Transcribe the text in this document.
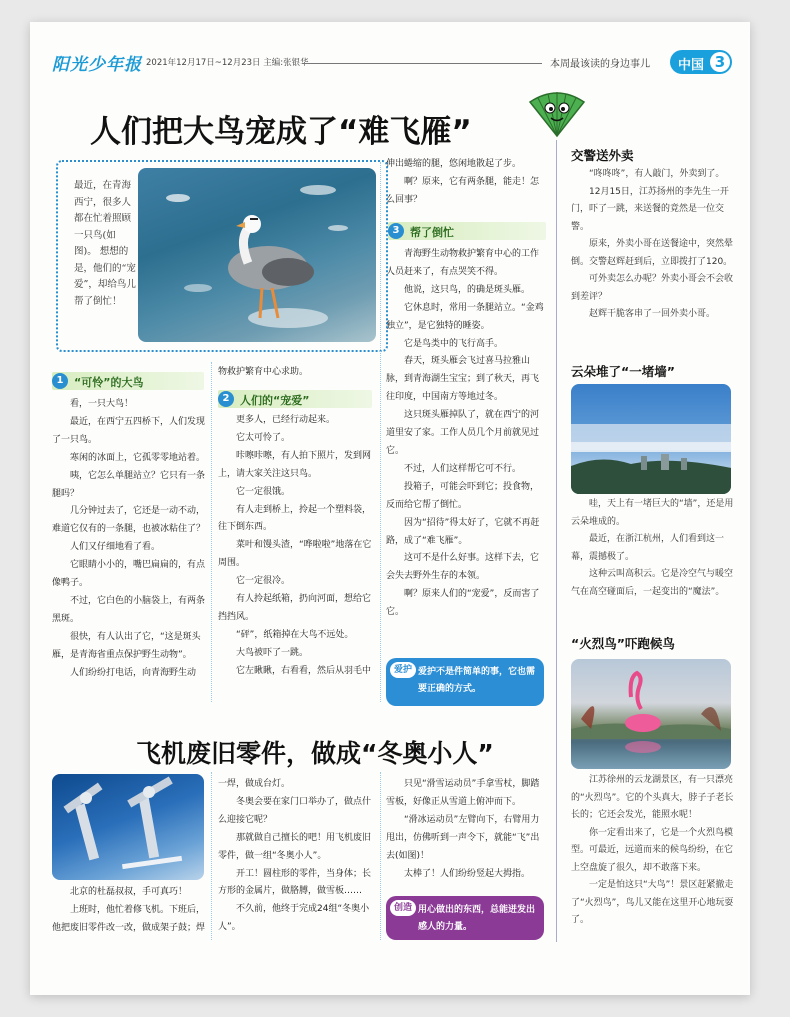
阳光少年报 2021年12月17日~12月23日 主编:张银华	本周最该读的身边事儿 中国 3
人们把大鸟宠成了“难飞雁”
最近，在青海西宁，很多人都在忙着照顾一只鸟(如图)。 想想的是，他们的“宠爱”，却给鸟儿帮了倒忙！
1 “可怜”的大鸟

看，一只大鸟！

最近，在西宁五四桥下，人们发现了一只鸟。

寒闲的冰面上，它孤零零地站着。

咦，它怎么单腿站立？它只有一条腿吗？

几分钟过去了，它还是一动不动，难道它仅有的一条腿，也被冰粘住了？

人们又仔细地看了看。

它眼睛小小的，嘴巴扁扁的，有点像鸭子。

不过，它白色的小脑袋上，有两条黑斑。

很快，有人认出了它，“这是斑头雁，是青海省重点保护野生动物”。

人们纷纷打电话，向青海野生动

物救护繁育中心求助。

2 人们的“宠爱”

更多人，已经行动起来。

它太可怜了。

咔嚓咔嚓，有人拍下照片，发到网上，请大家关注这只鸟。

它一定很饿。

有人走到桥上，拎起一个塑料袋，往下倒东西。

菜叶和馒头渣，“哗啦啦”地落在它周围。

它一定很冷。

有人拎起纸箱，扔向河面，想给它挡挡风。

“砰”，纸箱掉在大鸟不远处。

大鸟被吓了一跳。

它左瞅瞅，右看看，然后从羽毛中

伸出蜷缩的腿，悠闲地散起了步。

啊？原来，它有两条腿，能走！怎么回事？

3 帮了倒忙

青海野生动物救护繁育中心的工作人员赶来了，有点哭笑不得。

他说，这只鸟，的确是斑头雁。

它休息时，常用一条腿站立。“金鸡独立”，是它独特的睡姿。

它是鸟类中的飞行高手。

春天，斑头雁会飞过喜马拉雅山脉，到青海湖生宝宝；到了秋天，再飞往印度，中国南方等地过冬。

这只斑头雁掉队了，就在西宁的河道里安了家。工作人员几个月前就见过它。

不过，人们这样帮它可不行。

投箱子，可能会吓到它；投食物，反而给它帮了倒忙。

因为“招待”得太好了，它就不再赶路，成了“难飞雁”。

这可不是什么好事。这样下去，它会失去野外生存的本领。

啊？原来人们的“宠爱”，反而害了它。

爱护 爱护不是件简单的事，它也需要正确的方式。
飞机废旧零件，做成“冬奥小人”

北京的杜磊叔叔，手可真巧！

上班时，他忙着修飞机。下班后，他把废旧零件改一改，做成架子鼓；焊

一焊，做成台灯。

冬奥会要在家门口举办了，做点什么迎接它呢？

那就做自己擅长的吧！用飞机废旧零件，做一组“冬奥小人”。

开工！圆柱形的零件，当身体；长方形的金属片，做胳膊，做雪板……

不久前，他终于完成24组“冬奥小人”。

只见“滑雪运动员”手拿雪杖，脚踏雪板，好像正从雪道上俯冲而下。

“滑冰运动员”左臂向下，右臂用力甩出，仿佛听到一声令下，就能“飞”出去(如图)！

太棒了！人们纷纷竖起大拇指。

创造 用心做出的东西，总能迸发出感人的力量。
交警送外卖

“咚咚咚”，有人敲门，外卖到了。

12月15日，江苏扬州的李先生一开门，吓了一跳，来送餐的竟然是一位交警。

原来，外卖小哥在送餐途中，突然晕倒。交警赵辉赶到后，立即拨打了120。

可外卖怎么办呢？外卖小哥会不会收到差评？

赵辉干脆客串了一回外卖小哥。

云朵堆了“一堵墙”

哇，天上有一堵巨大的“墙”，还是用云朵堆成的。

最近，在浙江杭州，人们看到这一幕，震撼极了。

这种云叫高积云。它是冷空气与暖空气在高空碰面后，一起变出的“魔法”。

“火烈鸟”吓跑候鸟

江苏徐州的云龙湖景区，有一只漂亮的“火烈鸟”。它的个头真大，脖子子老长长的；它还会发光，能照水呢！

你一定看出来了，它是一个火烈鸟模型。可最近，远道而来的候鸟纷纷，在它上空盘旋了很久，却不敢落下来。

一定是怕这只“大鸟”！景区赶紧撤走了“火烈鸟”，鸟儿又能在这里开心地玩耍了。
